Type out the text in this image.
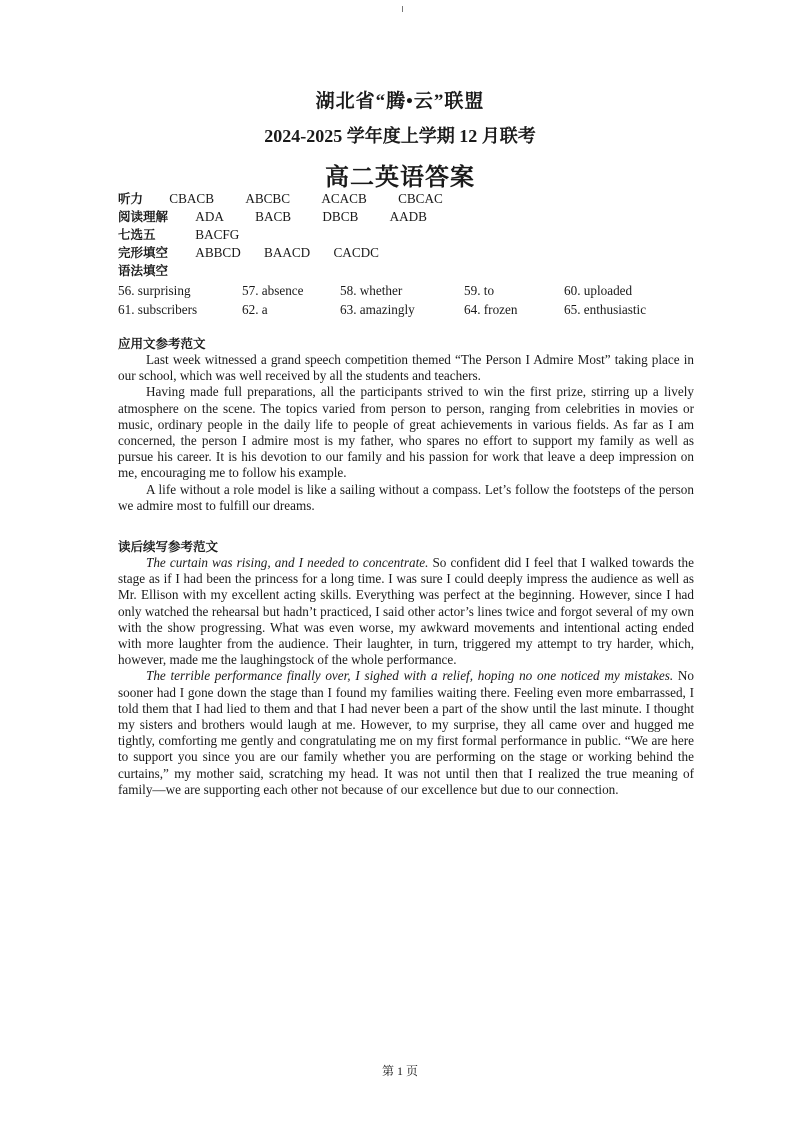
湖北省“腾•云”联盟
2024-2025 学年度上学期 12 月联考
高二英语答案
听力 CBACB ABCBC ACACB CBCAC
阅读理解 ADA BACB DBCB AADB
七选五	BACFG
完形填空 ABBCD BAACD CACDC
语法填空
56. surprising	57. absence	58. whether	59. to	60. uploaded
61. subscribers	62. a	63. amazingly	64. frozen	65. enthusiastic
应用文参考范文

Last week witnessed a grand speech competition themed “The Person I Admire Most” taking place in our school, which was well received by all the students and teachers.

Having made full preparations, all the participants strived to win the first prize, stirring up a lively atmosphere on the scene. The topics varied from person to person, ranging from celebrities in movies or music, ordinary people in the daily life to people of great achievements in various fields. As far as I am concerned, the person I admire most is my father, who spares no effort to support my family as well as pursue his career. It is his devotion to our family and his passion for work that leave a deep impression on me, encouraging me to follow his example.

A life without a role model is like a sailing without a compass. Let’s follow the footsteps of the person we admire most to fulfill our dreams.

读后续写参考范文

The curtain was rising, and I needed to concentrate. So confident did I feel that I walked towards the stage as if I had been the princess for a long time. I was sure I could deeply impress the audience as well as Mr. Ellison with my excellent acting skills. Everything was perfect at the beginning. However, since I had only watched the rehearsal but hadn’t practiced, I said other actor’s lines twice and forgot several of my own with the show progressing. What was even worse, my awkward movements and intentional acting ended with more laughter from the audience. Their laughter, in turn, triggered my attempt to try harder, which, however, made me the laughingstock of the whole performance.

The terrible performance finally over, I sighed with a relief, hoping no one noticed my mistakes. No sooner had I gone down the stage than I found my families waiting there. Feeling even more embarrassed, I told them that I had lied to them and that I had never been a part of the show until the last minute. I thought my sisters and brothers would laugh at me. However, to my surprise, they all came over and hugged me tightly, comforting me gently and congratulating me on my first formal performance in public. “We are here to support you since you are our family whether you are performing on the stage or working behind the curtains,” my mother said, scratching my head. It was not until then that I realized the true meaning of family—we are supporting each other not because of our excellence but due to our connection.

第 1 页
